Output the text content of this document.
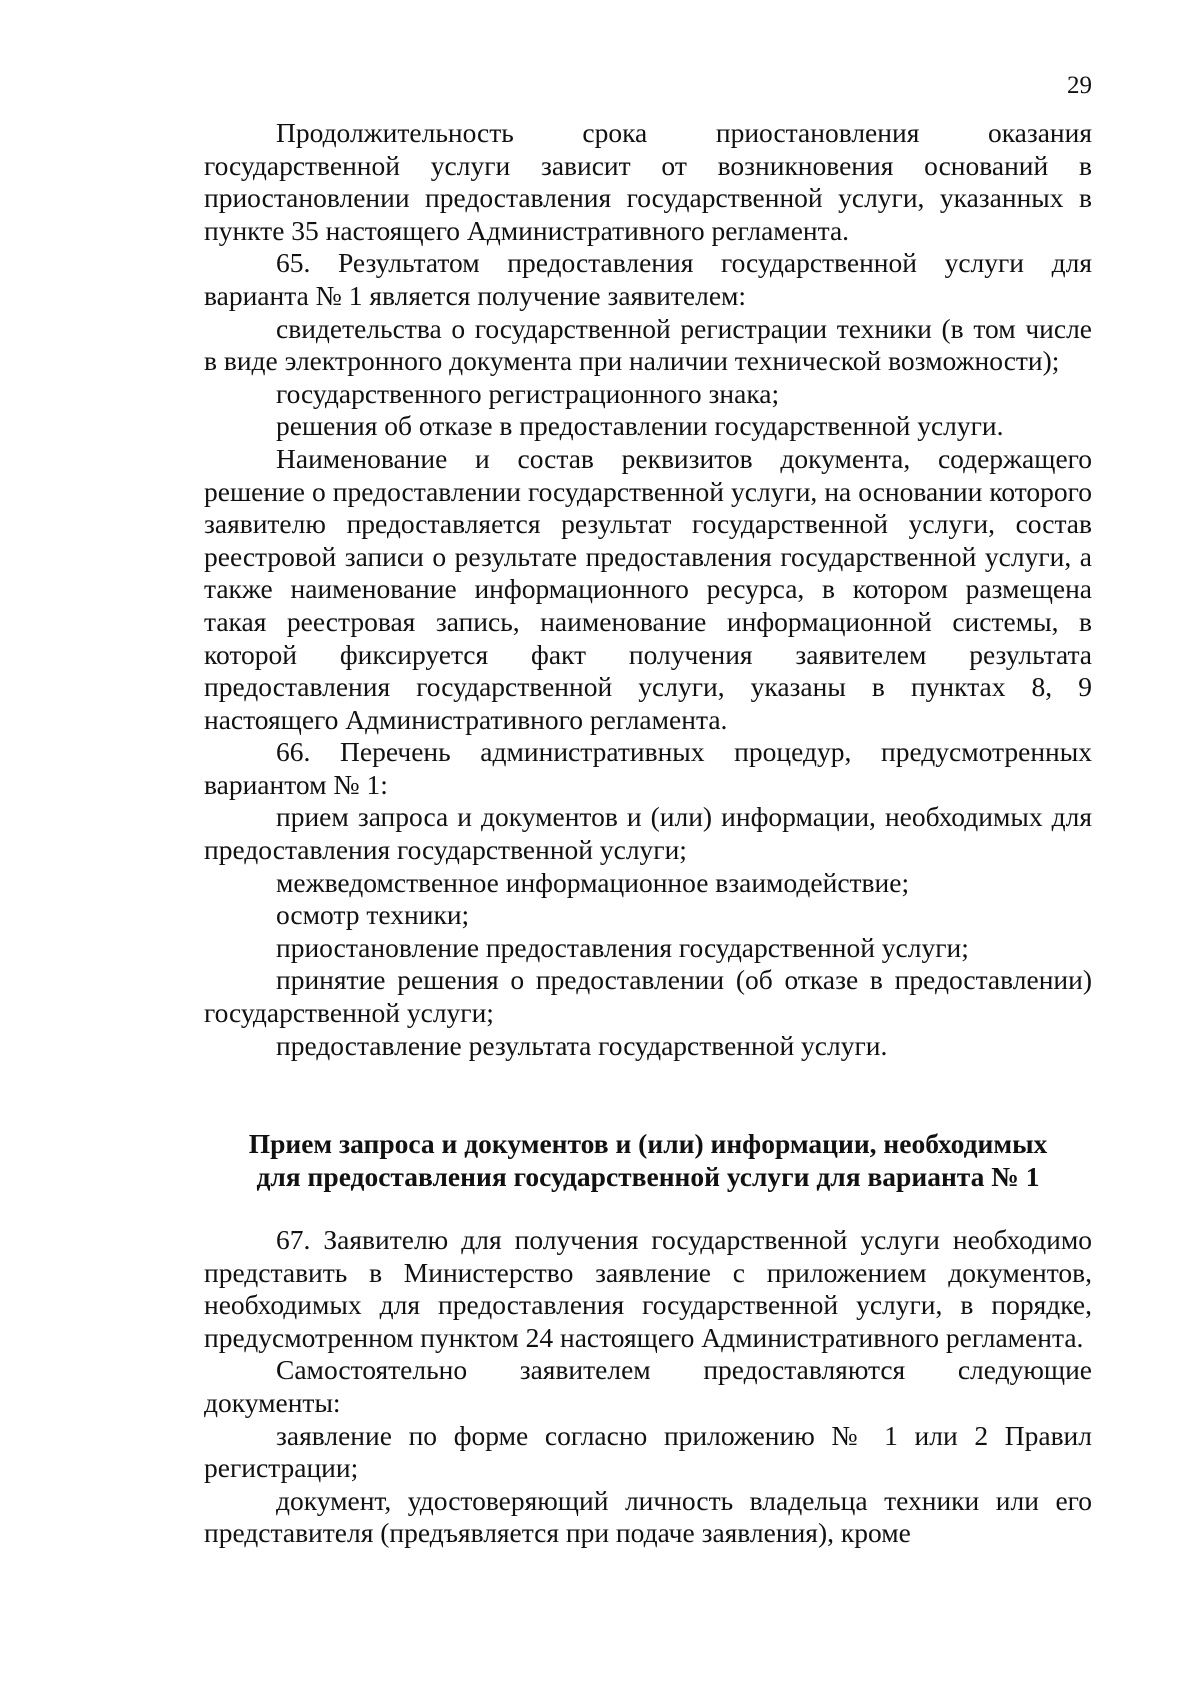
29

Продолжительность срока приостановления оказания государственной услуги зависит от возникновения оснований в приостановлении предоставления государственной услуги, указанных в пункте 35 настоящего Административного регламента.

65. Результатом предоставления государственной услуги для варианта № 1 является получение заявителем:

свидетельства о государственной регистрации техники (в том числе в виде электронного документа при наличии технической возможности);

государственного регистрационного знака;

решения об отказе в предоставлении государственной услуги.

Наименование и состав реквизитов документа, содержащего решение о предоставлении государственной услуги, на основании которого заявителю предоставляется результат государственной услуги, состав реестровой записи о результате предоставления государственной услуги, а также наименование информационного ресурса, в котором размещена такая реестровая запись, наименование информационной системы, в которой фиксируется факт получения заявителем результата предоставления государственной услуги, указаны в пунктах 8, 9 настоящего Административного регламента.

66. Перечень административных процедур, предусмотренных вариантом № 1:

прием запроса и документов и (или) информации, необходимых для предоставления государственной услуги;

межведомственное информационное взаимодействие;

осмотр техники;

приостановление предоставления государственной услуги;

принятие решения о предоставлении (об отказе в предоставлении) государственной услуги;

предоставление результата государственной услуги.

Прием запроса и документов и (или) информации, необходимых
для предоставления государственной услуги для варианта № 1

67. Заявителю для получения государственной услуги необходимо представить в Министерство заявление с приложением документов, необходимых для предоставления государственной услуги, в порядке, предусмотренном пунктом 24 настоящего Административного регламента.

Самостоятельно заявителем предоставляются следующие документы:

заявление по форме согласно приложению № 1 или 2 Правил регистрации;

документ, удостоверяющий личность владельца техники или его представителя (предъявляется при подаче заявления), кроме
